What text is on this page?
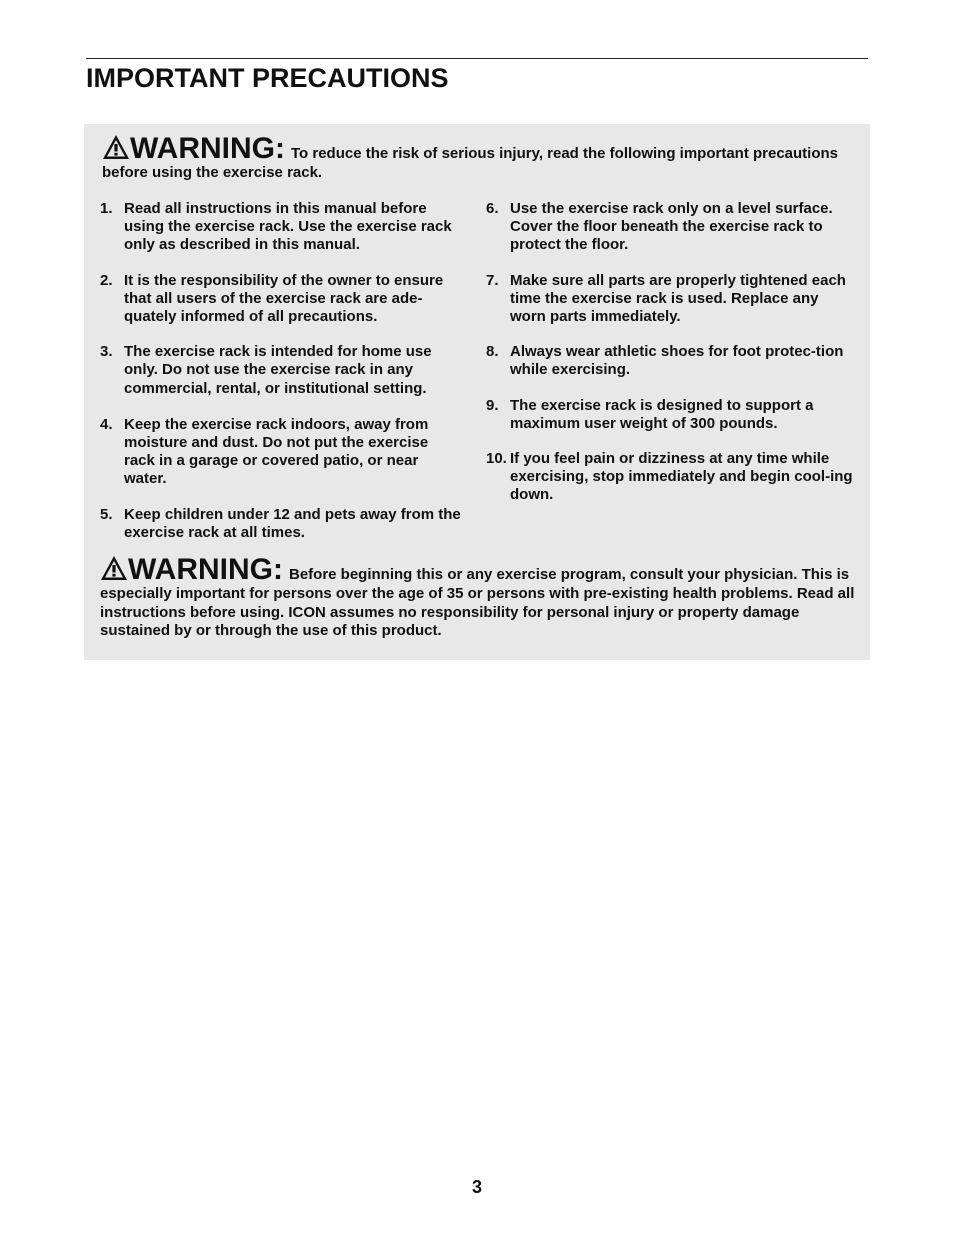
IMPORTANT PRECAUTIONS
WARNING: To reduce the risk of serious injury, read the following important precautions before using the exercise rack.
1. Read all instructions in this manual before using the exercise rack. Use the exercise rack only as described in this manual.
2. It is the responsibility of the owner to ensure that all users of the exercise rack are ade-quately informed of all precautions.
3. The exercise rack is intended for home use only. Do not use the exercise rack in any commercial, rental, or institutional setting.
4. Keep the exercise rack indoors, away from moisture and dust. Do not put the exercise rack in a garage or covered patio, or near water.
5. Keep children under 12 and pets away from the exercise rack at all times.
6. Use the exercise rack only on a level surface. Cover the floor beneath the exercise rack to protect the floor.
7. Make sure all parts are properly tightened each time the exercise rack is used. Replace any worn parts immediately.
8. Always wear athletic shoes for foot protec-tion while exercising.
9. The exercise rack is designed to support a maximum user weight of 300 pounds.
10. If you feel pain or dizziness at any time while exercising, stop immediately and begin cool-ing down.
WARNING: Before beginning this or any exercise program, consult your physician. This is especially important for persons over the age of 35 or persons with pre-existing health problems. Read all instructions before using. ICON assumes no responsibility for personal injury or property damage sustained by or through the use of this product.
3
